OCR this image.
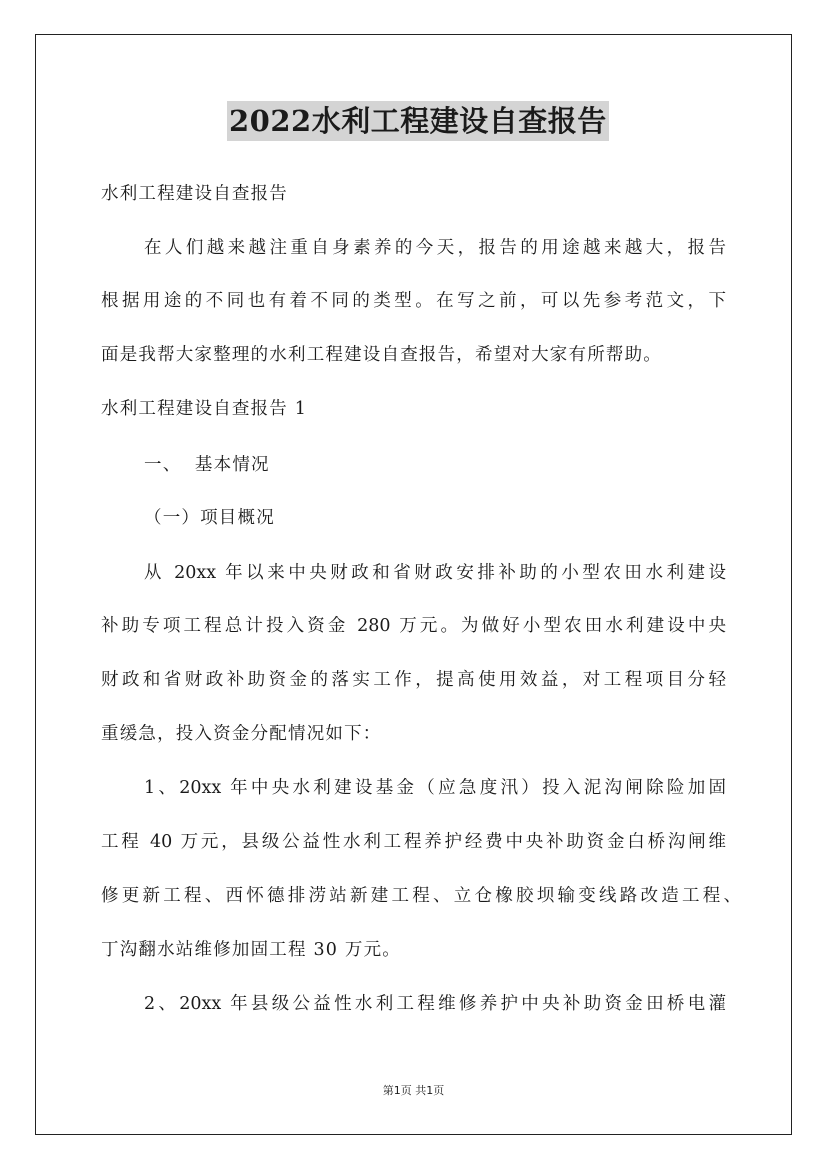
2022水利工程建设自查报告
水利工程建设自查报告
在人们越来越注重自身素养的今天，报告的用途越来越大，报告
根据用途的不同也有着不同的类型。在写之前，可以先参考范文，下
面是我帮大家整理的水利工程建设自查报告，希望对大家有所帮助。
水利工程建设自查报告 1
一、  基本情况
（一）项目概况
从 20xx 年以来中央财政和省财政安排补助的小型农田水利建设
补助专项工程总计投入资金 280 万元。为做好小型农田水利建设中央
财政和省财政补助资金的落实工作，提高使用效益，对工程项目分轻
重缓急，投入资金分配情况如下：
1、20xx 年中央水利建设基金（应急度汛）投入泥沟闸除险加固
工程 40 万元，县级公益性水利工程养护经费中央补助资金白桥沟闸维
修更新工程、西怀德排涝站新建工程、立仓橡胶坝输变线路改造工程、
丁沟翻水站维修加固工程 30 万元。
2、20xx 年县级公益性水利工程维修养护中央补助资金田桥电灌
第1页 共1页
